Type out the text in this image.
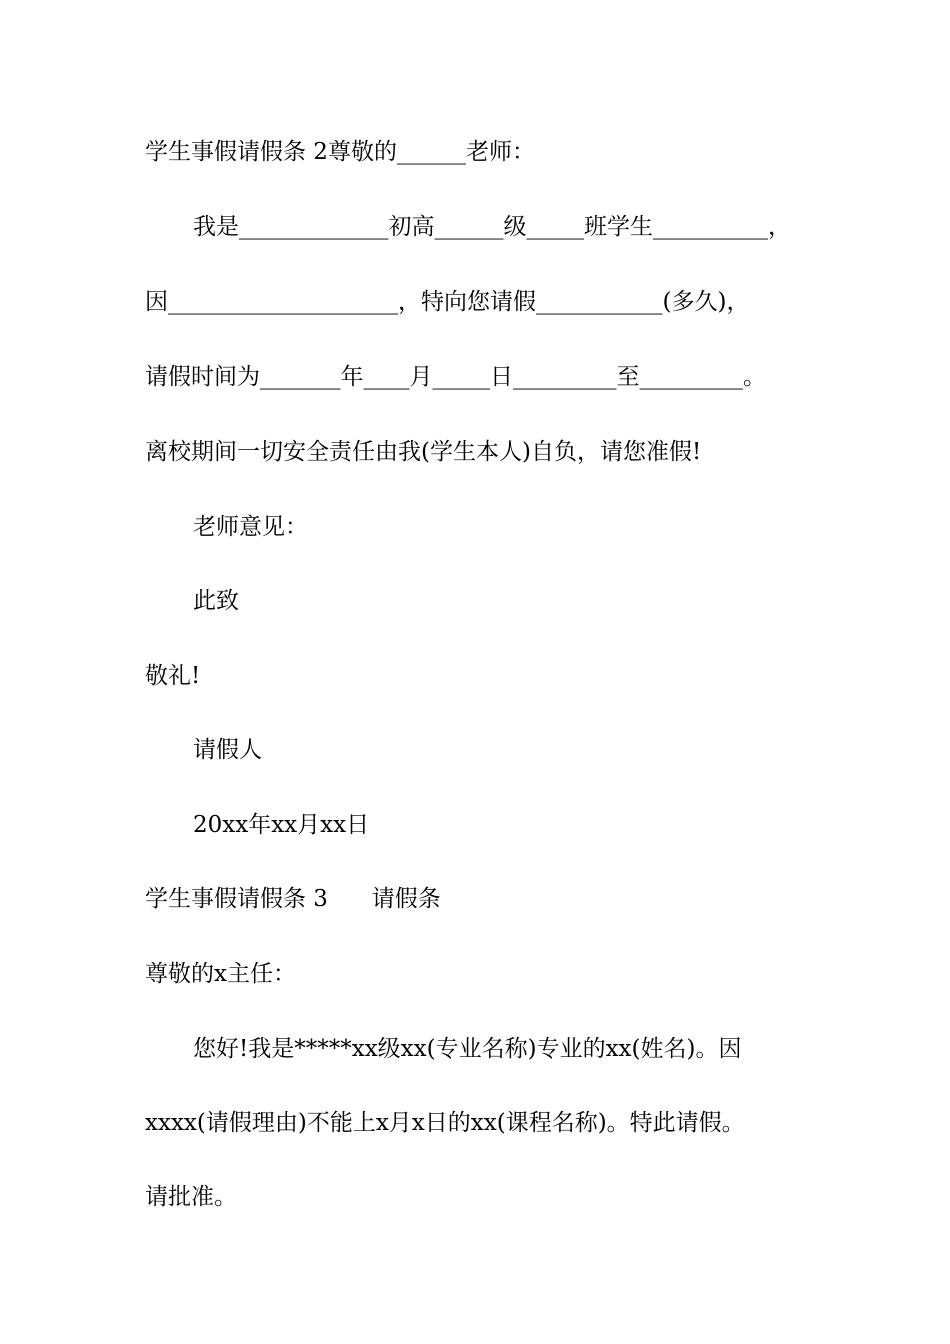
学生事假请假条 2尊敬的______老师：
我是_____________初高______级_____班学生__________，
因____________________，特向您请假___________(多久)，
请假时间为_______年____月_____日_________至_________。
离校期间一切安全责任由我(学生本人)自负，请您准假!
老师意见：
此致
敬礼!
请假人
20xx年xx月xx日
学生事假请假条 3      请假条
尊敬的x主任：
您好!我是*****xx级xx(专业名称)专业的xx(姓名)。因
xxxx(请假理由)不能上x月x日的xx(课程名称)。特此请假。
请批准。
